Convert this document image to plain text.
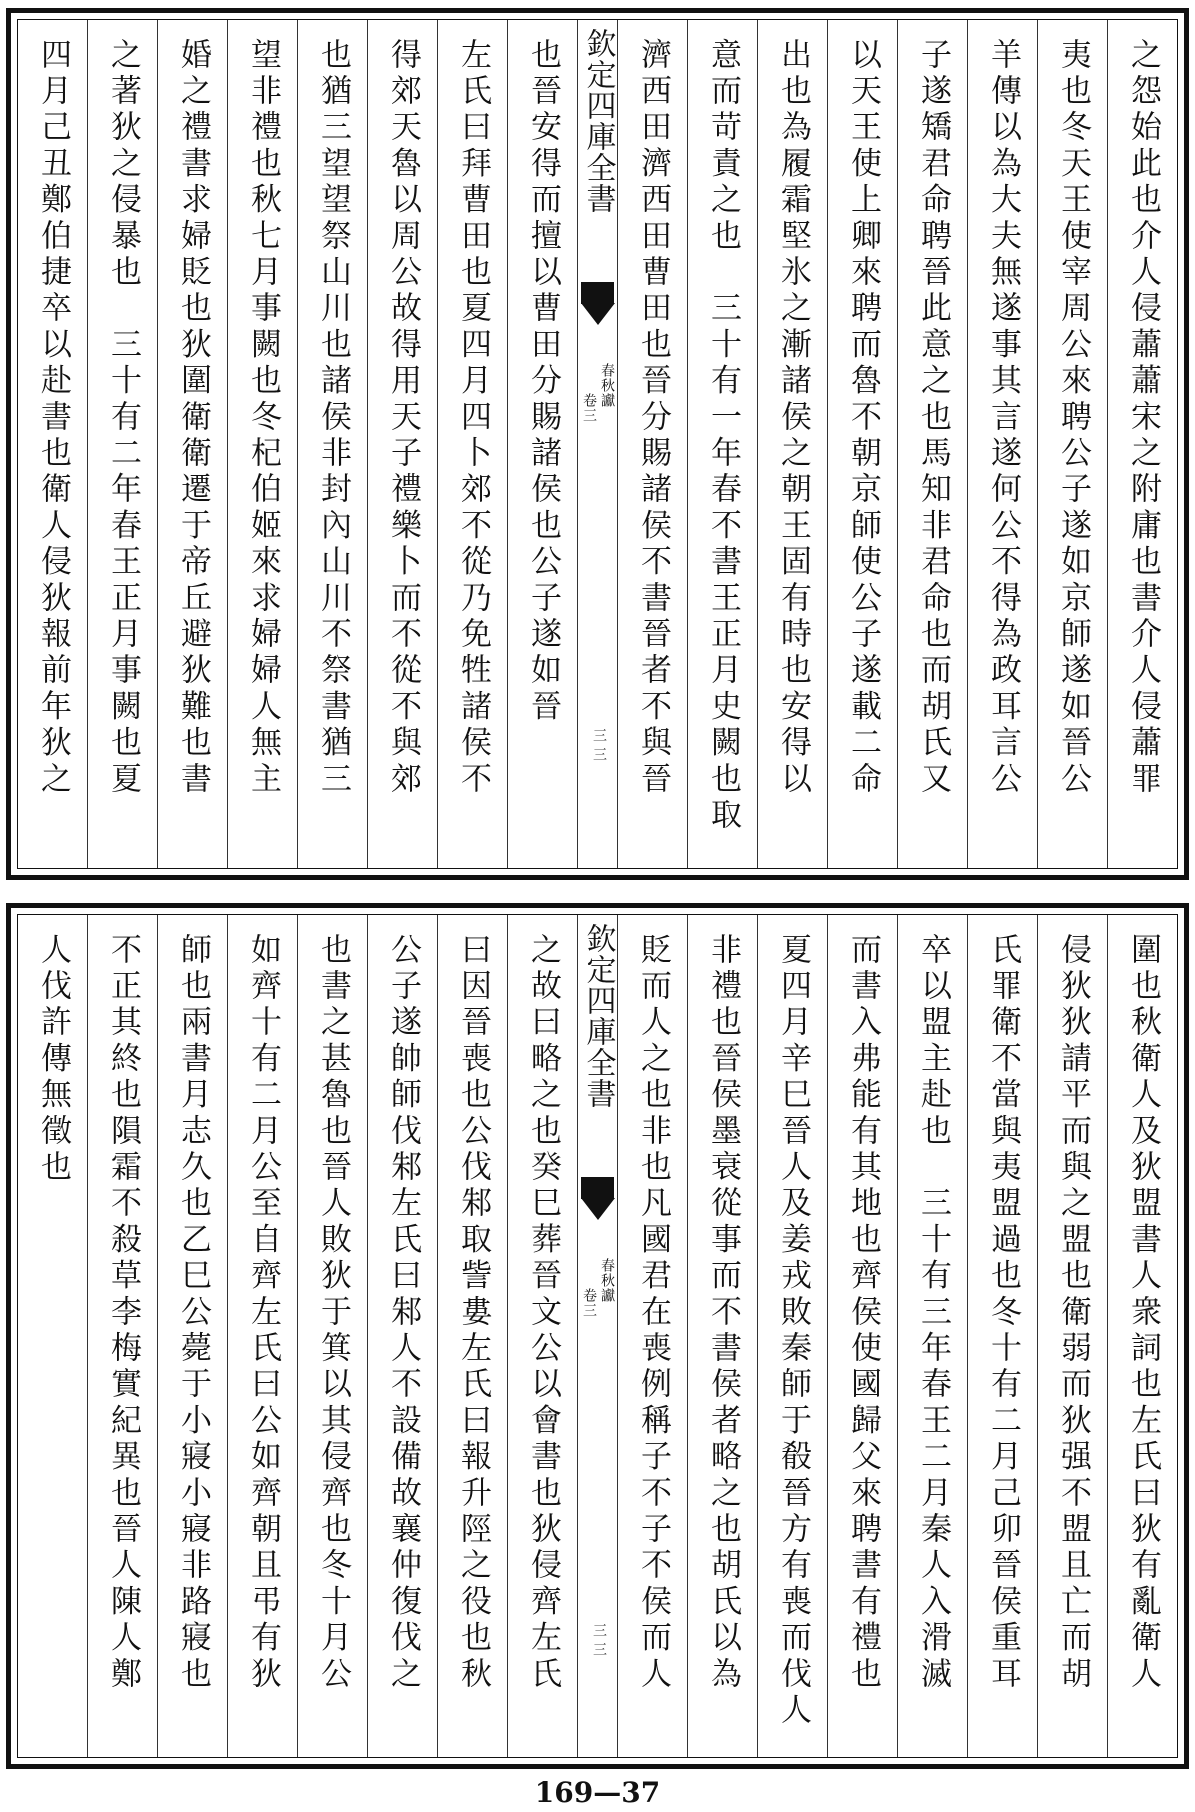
之怨始此也介人侵蕭蕭宋之附庸也書介人侵蕭罪
夷也冬天王使宰周公來聘公子遂如京師遂如晉公
羊傳以為大夫無遂事其言遂何公不得為政耳言公
子遂矯君命聘晉此意之也馬知非君命也而胡氏又
以天王使上卿來聘而魯不朝京師使公子遂載二命
出也為履霜堅氷之漸諸侯之朝王固有時也安得以
意而苛責之也　三十有一年春不書王正月史闕也取
濟西田濟西田曹田也晉分賜諸侯不書晉者不與晉
欽定四庫全書
春秋讞
卷三
三三
也晉安得而擅以曹田分賜諸侯也公子遂如晉
左氏曰拜曹田也夏四月四卜郊不從乃免牲諸侯不
得郊天魯以周公故得用天子禮樂卜而不從不與郊
也猶三望望祭山川也諸侯非封內山川不祭書猶三
望非禮也秋七月事闕也冬杞伯姬來求婦婦人無主
婚之禮書求婦貶也狄圍衛衛遷于帝丘避狄難也書
之著狄之侵暴也　三十有二年春王正月事闕也夏
四月己丑鄭伯捷卒以赴書也衛人侵狄報前年狄之
圍也秋衛人及狄盟書人衆詞也左氏曰狄有亂衛人
侵狄狄請平而與之盟也衛弱而狄强不盟且亡而胡
氏罪衛不當與夷盟過也冬十有二月己卯晉侯重耳
卒以盟主赴也　三十有三年春王二月秦人入滑滅
而書入弗能有其地也齊侯使國歸父來聘書有禮也
夏四月辛巳晉人及姜戎敗秦師于殽晉方有喪而伐人
非禮也晉侯墨衰從事而不書侯者略之也胡氏以為
貶而人之也非也凡國君在喪例稱子不子不侯而人
欽定四庫全書
春秋讞
卷三
三三
之故曰略之也癸巳葬晉文公以會書也狄侵齊左氏
曰因晉喪也公伐邾取訾婁左氏曰報升陘之役也秋
公子遂帥師伐邾左氏曰邾人不設備故襄仲復伐之
也書之甚魯也晉人敗狄于箕以其侵齊也冬十月公
如齊十有二月公至自齊左氏曰公如齊朝且弔有狄
師也兩書月志久也乙巳公薨于小寢小寢非路寢也
不正其終也隕霜不殺草李梅實紀異也晉人陳人鄭
人伐許傳無徵也
169—37
